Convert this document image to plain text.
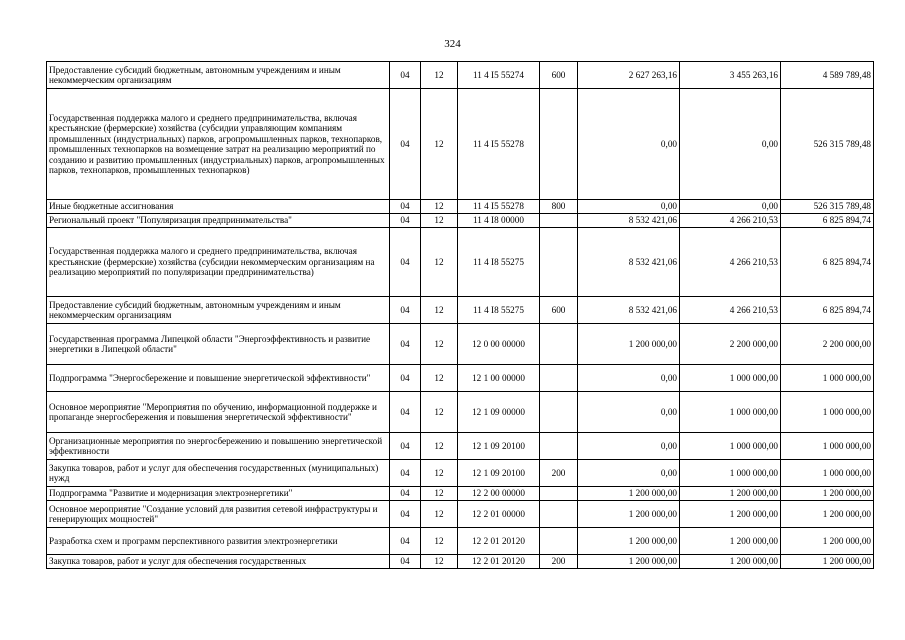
324
Предоставление субсидий бюджетным, автономным учреждениям и иным некоммерческим организациям	04	12	11 4 I5 55274	600	2 627 263,16	3 455 263,16	4 589 789,48
Государственная поддержка малого и среднего предпринимательства, включая крестьянские (фермерские) хозяйства (субсидии управляющим компаниям промышленных (индустриальных) парков, агропромышленных парков, технопарков, промышленных технопарков на возмещение затрат на реализацию мероприятий по созданию и развитию промышленных (индустриальных) парков, агропромышленных парков, технопарков, промышленных технопарков)	04	12	11 4 I5 55278		0,00	0,00	526 315 789,48
Иные бюджетные ассигнования	04	12	11 4 I5 55278	800	0,00	0,00	526 315 789,48
Региональный проект "Популяризация предпринимательства"	04	12	11 4 I8 00000		8 532 421,06	4 266 210,53	6 825 894,74
Государственная поддержка малого и среднего предпринимательства, включая крестьянские (фермерские) хозяйства (субсидии некоммерческим организациям на реализацию мероприятий по популяризации предпринимательства)	04	12	11 4 I8 55275		8 532 421,06	4 266 210,53	6 825 894,74
Предоставление субсидий бюджетным, автономным учреждениям и иным некоммерческим организациям	04	12	11 4 I8 55275	600	8 532 421,06	4 266 210,53	6 825 894,74
Государственная программа Липецкой области "Энергоэффективность и развитие энергетики в Липецкой области"	04	12	12 0 00 00000		1 200 000,00	2 200 000,00	2 200 000,00
Подпрограмма "Энергосбережение и повышение энергетической эффективности"	04	12	12 1 00 00000		0,00	1 000 000,00	1 000 000,00
Основное мероприятие "Мероприятия по обучению, информационной поддержке и пропаганде энергосбережения и повышения энергетической эффективности"	04	12	12 1 09 00000		0,00	1 000 000,00	1 000 000,00
Организационные мероприятия по энергосбережению и повышению энергетической эффективности	04	12	12 1 09 20100		0,00	1 000 000,00	1 000 000,00
Закупка товаров, работ и услуг для обеспечения государственных (муниципальных) нужд	04	12	12 1 09 20100	200	0,00	1 000 000,00	1 000 000,00
Подпрограмма "Развитие и модернизация электроэнергетики"	04	12	12 2 00 00000		1 200 000,00	1 200 000,00	1 200 000,00
Основное мероприятие "Создание условий для развития сетевой инфраструктуры и генерирующих мощностей"	04	12	12 2 01 00000		1 200 000,00	1 200 000,00	1 200 000,00
Разработка схем и программ перспективного развития электроэнергетики	04	12	12 2 01 20120		1 200 000,00	1 200 000,00	1 200 000,00
Закупка товаров, работ и услуг для обеспечения государственных	04	12	12 2 01 20120	200	1 200 000,00	1 200 000,00	1 200 000,00
